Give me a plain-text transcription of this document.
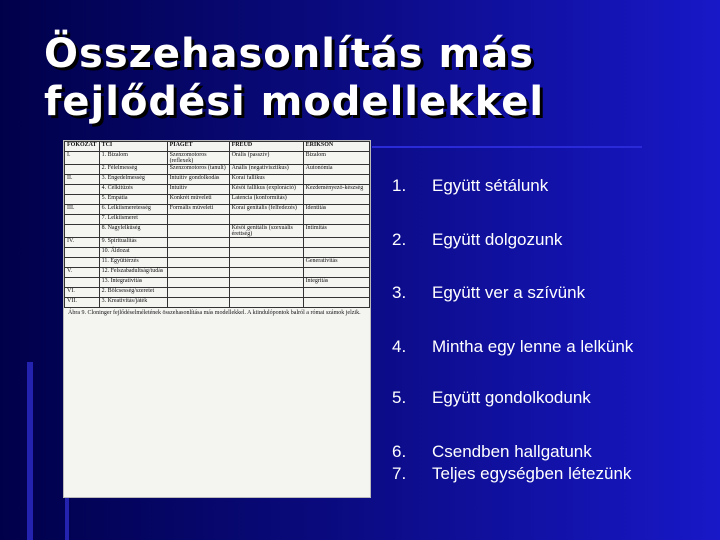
Összehasonlítás más
fejlődési modellekkel
FOKOZAT	TCI	PIAGET	FREUD	ERIKSON
I.	1. Bizalom	Szenzomotoros (reflexek)	Orális (passzív)	Bizalom
	2. Félelmesség	Szenzomotoros (tanult)	Anális (negativisztikus)	Autonómia
II.	3. Engedelmesség	Intuitív gondolkodás	Korai fallikus	
	4. Célkitűzés	Intuitív	Késői fallikus (exploráció)	Kezdeményező-készség
	5. Empátia	Konkrét műveleti	Latencia (konformitás)	
III.	6. Lelkiismeretesség	Formális műveleti	Korai genitális (felfedezés)	Identitás
	7. Lelkiismeret			
	8. Nagylelkűség		Késői genitális (szexuális érettség)	Intimitás
IV.	9. Spiritualitás			
	10. Áldozat			
	11. Együttérzés			Generativitás
V.	12. Felszabadultság/tudás			
	13. Integrativitás			Integritás
VI.	2. Bölcsesség/szeretet			
VII.	3. Kreativitás/játék			
Ábra 9. Cloninger fejlődéselméletének összehasonlítása más modellekkel. A kiindulópontok balról a római számok jelzik.
1.	Együtt sétálunk
2.	Együtt dolgozunk
3.	Együtt ver a szívünk
4.	Mintha egy lenne a lelkünk
5.	Együtt gondolkodunk
6.	Csendben hallgatunk
7.	Teljes egységben létezünk
